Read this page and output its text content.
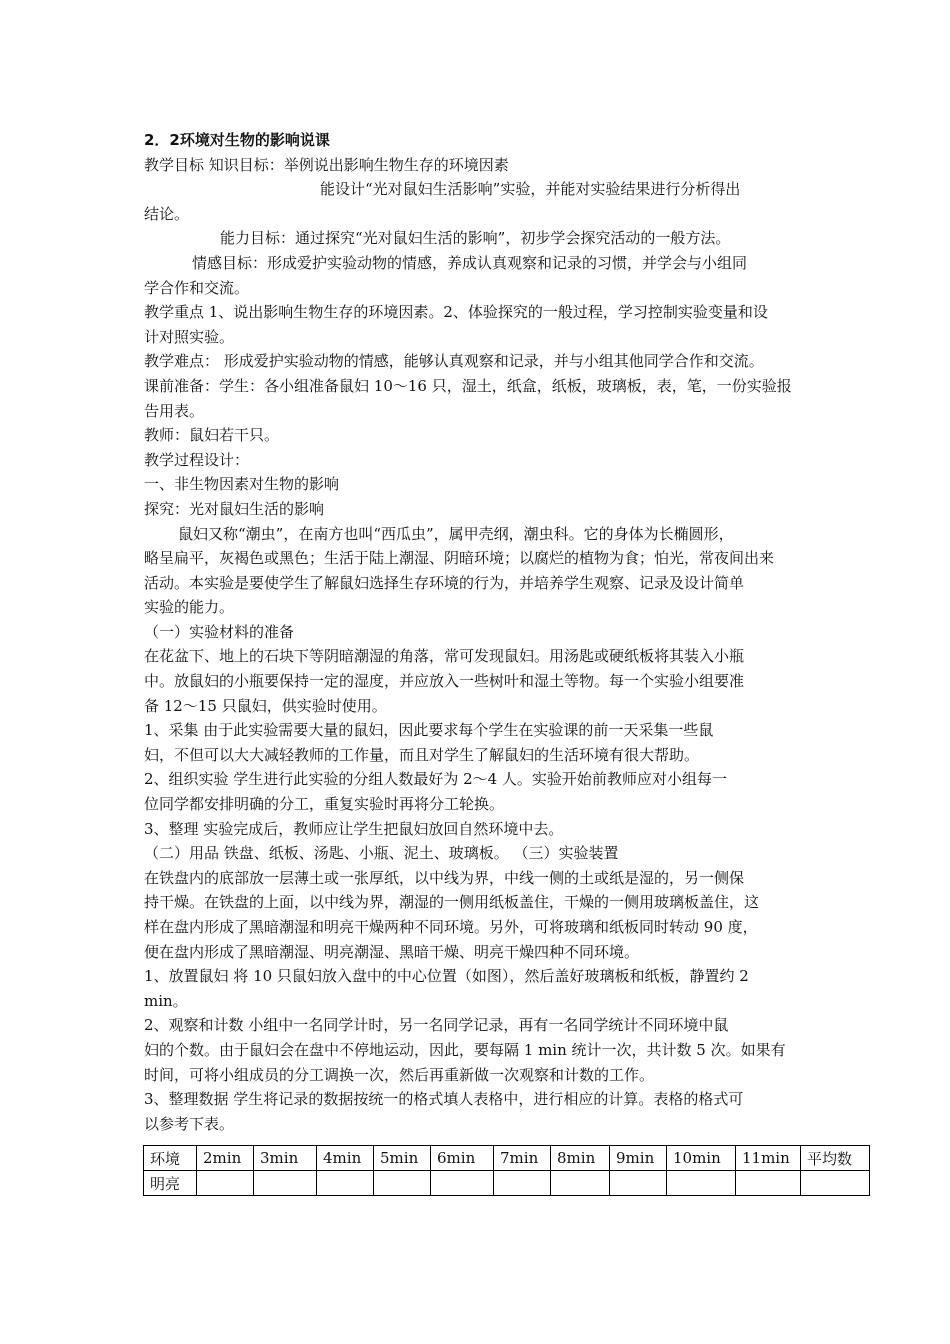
2．2环境对生物的影响说课
教学目标 知识目标：举例说出影响生物生存的环境因素
能设计“光对鼠妇生活影响”实验，并能对实验结果进行分析得出
结论。
能力目标：通过探究“光对鼠妇生活的影响”，初步学会探究活动的一般方法。
情感目标：形成爱护实验动物的情感，养成认真观察和记录的习惯，并学会与小组同
学合作和交流。
教学重点 1、说出影响生物生存的环境因素。2、体验探究的一般过程，学习控制实验变量和设
计对照实验。
教学难点： 形成爱护实验动物的情感，能够认真观察和记录，并与小组其他同学合作和交流。
课前准备：学生：各小组准备鼠妇 10～16 只，湿土，纸盒，纸板，玻璃板，表，笔，一份实验报
告用表。
教师：鼠妇若干只。
教学过程设计：
一、非生物因素对生物的影响
探究：光对鼠妇生活的影响
鼠妇又称“潮虫”，在南方也叫“西瓜虫”，属甲壳纲，潮虫科。它的身体为长椭圆形，
略呈扁平，灰褐色或黑色；生活于陆上潮湿、阴暗环境；以腐烂的植物为食；怕光，常夜间出来
活动。本实验是要使学生了解鼠妇选择生存环境的行为，并培养学生观察、记录及设计简单
实验的能力。
（一）实验材料的准备
在花盆下、地上的石块下等阴暗潮湿的角落，常可发现鼠妇。用汤匙或硬纸板将其装入小瓶
中。放鼠妇的小瓶要保持一定的湿度，并应放入一些树叶和湿土等物。每一个实验小组要准
备 12～15 只鼠妇，供实验时使用。
1、采集 由于此实验需要大量的鼠妇，因此要求每个学生在实验课的前一天采集一些鼠
妇，不但可以大大减轻教师的工作量，而且对学生了解鼠妇的生活环境有很大帮助。
2、组织实验 学生进行此实验的分组人数最好为 2～4 人。实验开始前教师应对小组每一
位同学都安排明确的分工，重复实验时再将分工轮换。
3、整理 实验完成后，教师应让学生把鼠妇放回自然环境中去。
（二）用品 铁盘、纸板、汤匙、小瓶、泥土、玻璃板。 （三）实验装置
在铁盘内的底部放一层薄土或一张厚纸，以中线为界，中线一侧的土或纸是湿的，另一侧保
持干燥。在铁盘的上面，以中线为界，潮湿的一侧用纸板盖住，干燥的一侧用玻璃板盖住，这
样在盘内形成了黑暗潮湿和明亮干燥两种不同环境。另外，可将玻璃和纸板同时转动 90 度，
便在盘内形成了黑暗潮湿、明亮潮湿、黑暗干燥、明亮干燥四种不同环境。
1、放置鼠妇 将 10 只鼠妇放入盘中的中心位置（如图），然后盖好玻璃板和纸板，静置约 2
min。
2、观察和计数 小组中一名同学计时，另一名同学记录，再有一名同学统计不同环境中鼠
妇的个数。由于鼠妇会在盘中不停地运动，因此，要每隔 1 min 统计一次，共计数 5 次。如果有
时间，可将小组成员的分工调换一次，然后再重新做一次观察和计数的工作。
3、整理数据 学生将记录的数据按统一的格式填人表格中，进行相应的计算。表格的格式可
以参考下表。
环境	2min	3min	4min	5min	6min	7min	8min	9min	10min	11min	平均数
明亮											
